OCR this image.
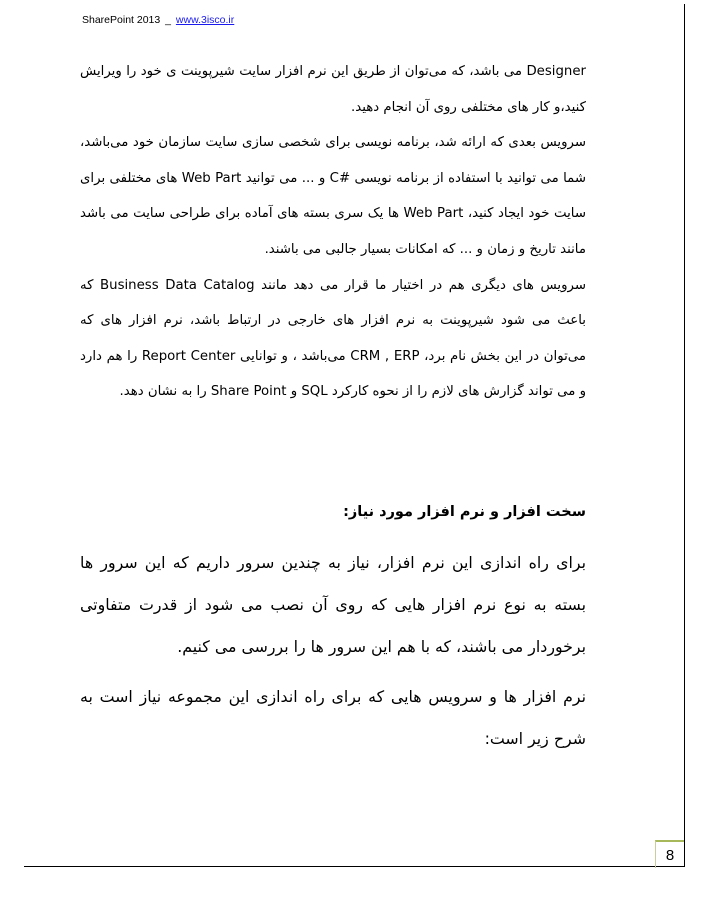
SharePoint 2013 _ www.3isco.ir

Designer می باشد، که می‌توان از طریق این نرم افزار سایت شیرپوینت ی خود را ویرایش کنید،و کار های مختلفی روی آن انجام دهید.

سرویس بعدی که ارائه شد، برنامه نویسی برای شخصی سازی سایت سازمان خود می‌باشد، شما می توانید با استفاده از برنامه نویسی #C و ... می توانید Web Part های مختلفی برای سایت خود ایجاد کنید، Web Part ها یک سری بسته های آماده برای طراحی سایت می باشد مانند تاریخ و زمان و ... که امکانات بسیار جالبی می باشند.

سرویس های دیگری هم در اختیار ما قرار می دهد مانند Business Data Catalog که باعث می شود شیرپوینت به نرم افزار های خارجی در ارتباط باشد، نرم افزار های که می‌توان در این بخش نام برد، CRM , ERP می‌باشد ، و توانایی Report Center را هم دارد و می تواند گزارش های لازم را از نحوه کارکرد SQL و Share Point را به نشان دهد.

سخت افزار و نرم افزار مورد نیاز:

برای راه اندازی این نرم افزار، نیاز به چندین سرور داریم که این سرور ها بسته به نوع نرم افزار هایی که روی آن نصب می شود از قدرت متفاوتی برخوردار می باشند، که با هم این سرور ها را بررسی می کنیم.

نرم افزار ها و سرویس هایی که برای راه اندازی این مجموعه نیاز است به شرح زیر است:

8
